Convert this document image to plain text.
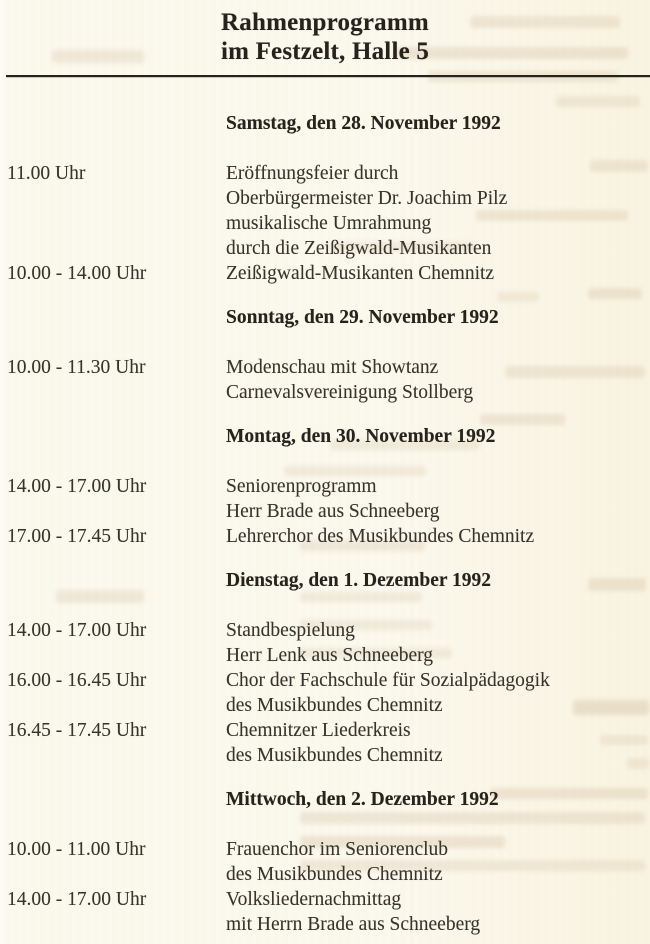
Rahmenprogramm
im Festzelt, Halle 5
Samstag, den 28. November 1992
11.00 Uhr	Eröffnungsfeier durch
Oberbürgermeister Dr. Joachim Pilz
musikalische Umrahmung
durch die Zeißigwald-Musikanten
10.00 - 14.00 Uhr	Zeißigwald-Musikanten Chemnitz
Sonntag, den 29. November 1992
10.00 - 11.30 Uhr	Modenschau mit Showtanz
Carnevalsvereinigung Stollberg
Montag, den 30. November 1992
14.00 - 17.00 Uhr	Seniorenprogramm
Herr Brade aus Schneeberg
17.00 - 17.45 Uhr	Lehrerchor des Musikbundes Chemnitz
Dienstag, den 1. Dezember 1992
14.00 - 17.00 Uhr	Standbespielung
Herr Lenk aus Schneeberg
16.00 - 16.45 Uhr	Chor der Fachschule für Sozialpädagogik
des Musikbundes Chemnitz
16.45 - 17.45 Uhr	Chemnitzer Liederkreis
des Musikbundes Chemnitz
Mittwoch, den 2. Dezember 1992
10.00 - 11.00 Uhr	Frauenchor im Seniorenclub
des Musikbundes Chemnitz
14.00 - 17.00 Uhr	Volksliedernachmittag
mit Herrn Brade aus Schneeberg
